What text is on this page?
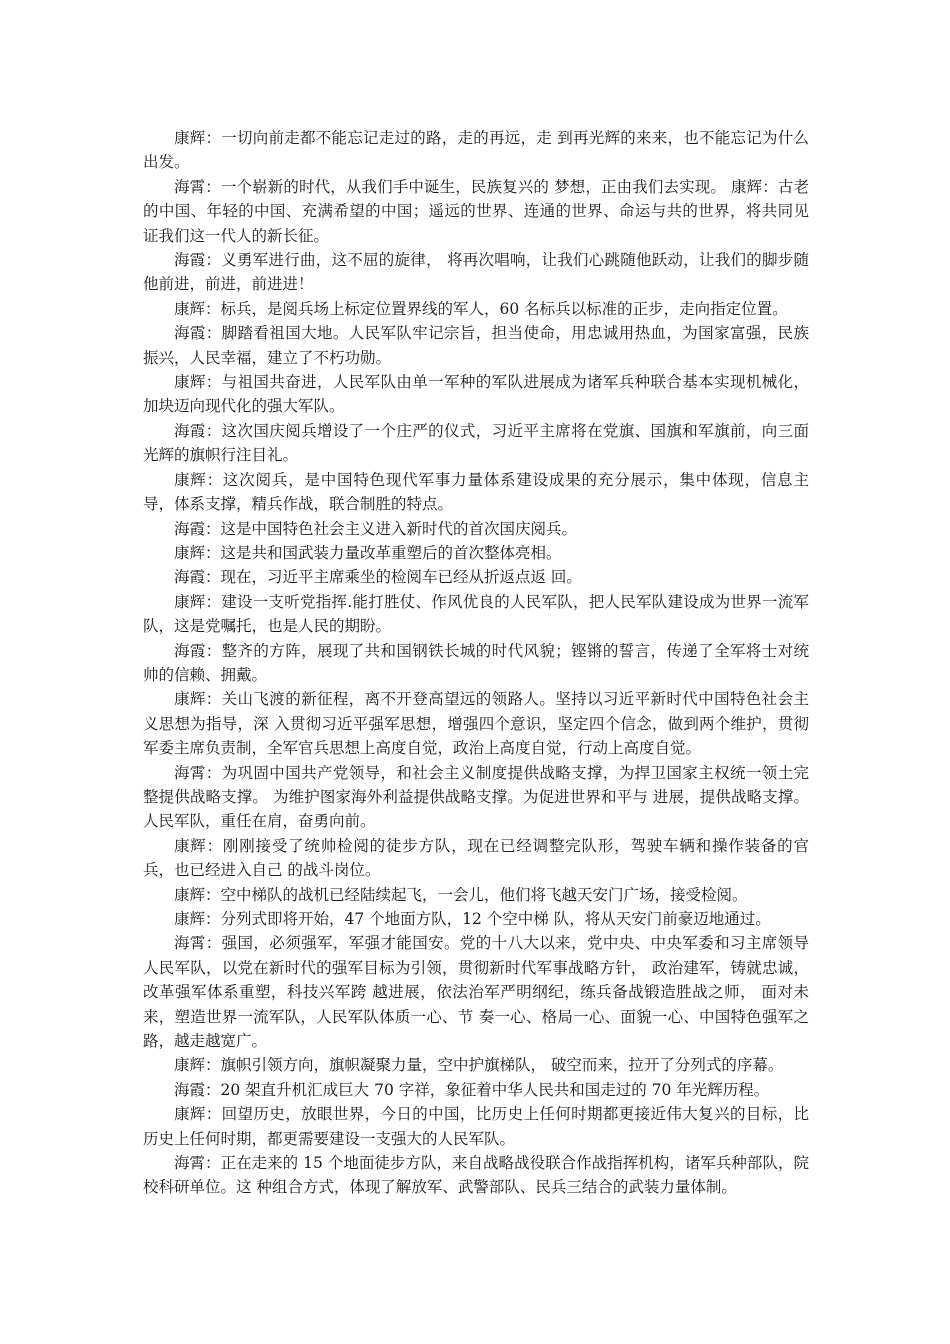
康辉：一切向前走都不能忘记走过的路，走的再远，走 到再光辉的来来，也不能忘记为什么出发。

海霄：一个崭新的时代，从我们手中诞生，民族复兴的 梦想，正由我们去实现。 康辉：古老的中国、年轻的中国、充满希望的中国；遥远的世界、连通的世界、命运与共的世界，将共同见证我们这一代人的新长征。

海霞：义勇军进行曲，这不屈的旋律， 将再次唱响，让我们心跳随他跃动，让我们的脚步随他前进，前进，前进进！

康辉：标兵，是阅兵场上标定位置界线的军人，60 名标兵以标准的正步，走向指定位置。

海霞：脚踏看祖国大地。人民军队牢记宗旨，担当使命，用忠诚用热血，为国家富强，民族振兴，人民幸福，建立了不朽功勋。

康辉：与祖国共奋进，人民军队由单一军种的军队进展成为诸军兵种联合基本实现机械化，加块迈向现代化的强大军队。

海霞：这次国庆阅兵增设了一个庄严的仪式，习近平主席将在党旗、国旗和军旗前，向三面光辉的旗帜行注目礼。

康辉：这次阅兵，是中国特色现代军事力量体系建设成果的充分展示，集中体现，信息主导，体系支撑，精兵作战，联合制胜的特点。

海霞：这是中国特色社会主义进入新时代的首次国庆阅兵。

康辉：这是共和国武装力量改革重塑后的首次整体亮相。

海霞：现在，习近平主席乘坐的检阅车已经从折返点返 回。

康辉：建设一支听党指挥.能打胜仗、作风优良的人民军队，把人民军队建设成为世界一流军队，这是党嘱托，也是人民的期盼。

海霞：整齐的方阵，展现了共和国钢铁长城的时代风貌；铿锵的誓言，传递了全军将士对统帅的信赖、拥戴。

康辉：关山飞渡的新征程，离不开登高望远的领路人。坚持以习近平新时代中国特色社会主义思想为指导，深 入贯彻习近平强军思想，增强四个意识，坚定四个信念，做到两个维护，贯彻军委主席负责制，全军官兵思想上高度自觉，政治上高度自觉，行动上高度自觉。

海霄：为巩固中国共产党领导，和社会主义制度提供战略支撑，为捍卫国家主权统一领土完整提供战略支撑。 为维护图家海外利益提供战略支撑。为促进世界和平与 进展，提供战略支撑。人民军队，重任在肩，奋勇向前。

康辉：刚刚接受了统帅检阅的徒步方队，现在已经调整完队形，驾驶车辆和操作装备的官兵，也已经进入自己 的战斗岗位。

康辉：空中梯队的战机已经陆续起飞，一会儿，他们将飞越天安门广场，接受检阅。

康辉：分列式即将开始，47 个地面方队，12 个空中梯 队，将从天安门前豪迈地通过。

海霄：强国，必须强军，军强才能国安。党的十八大以来，党中央、中央军委和习主席领导人民军队，以党在新时代的强军目标为引领，贯彻新时代军事战略方针， 政治建军，铸就忠诚，改革强军体系重塑，科技兴军跨 越进展，依法治军严明纲纪，练兵备战锻造胜战之师， 面对未来，塑造世界一流军队，人民军队体质一心、节 奏一心、格局一心、面貌一心、中国特色强军之路，越走越宽广。

康辉：旗帜引领方向，旗帜凝聚力量，空中护旗梯队， 破空而来，拉开了分列式的序幕。

海霞：20 架直升机汇成巨大 70 字祥，象征着中华人民共和国走过的 70 年光辉历程。

康辉：回望历史，放眼世界，今日的中国，比历史上任何时期都更接近伟大复兴的目标，比历史上任何时期，都更需要建设一支强大的人民军队。

海霄：正在走来的 15 个地面徒步方队，来自战略战役联合作战指挥机构，诸军兵种部队，院校科研单位。这 种组合方式，体现了解放军、武警部队、民兵三结合的武装力量体制。
